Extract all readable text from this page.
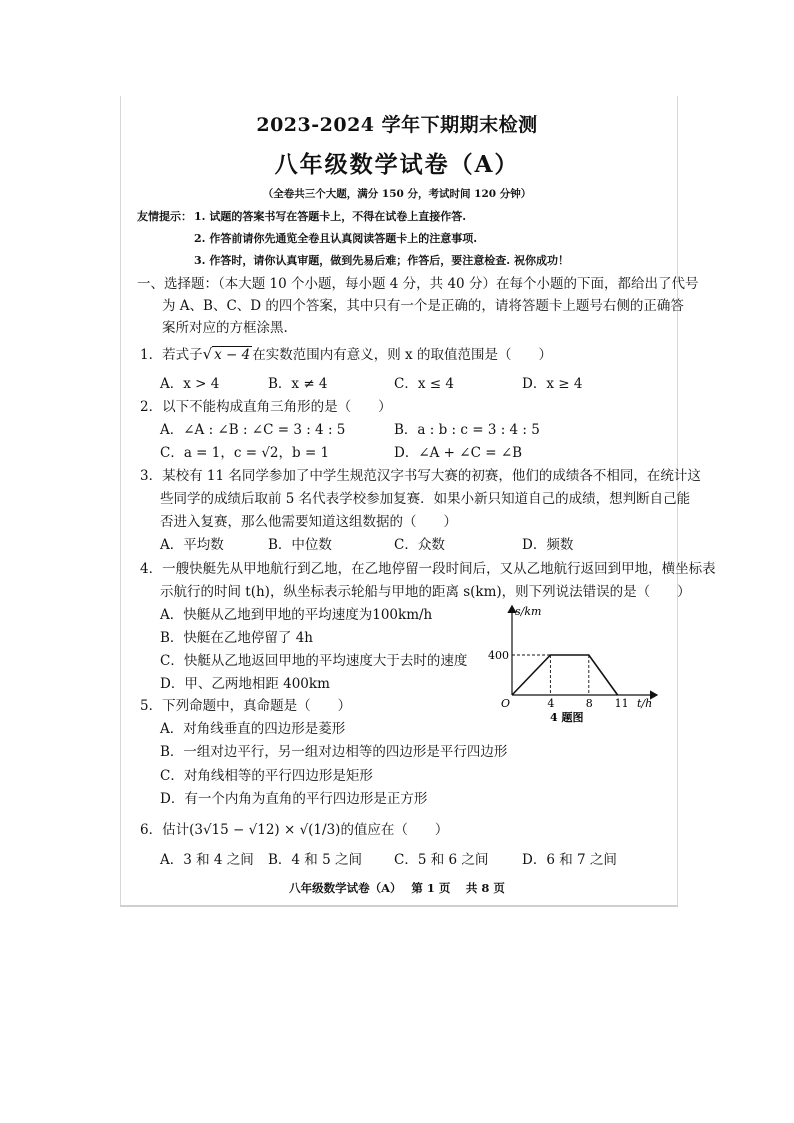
2023-2024 学年下期期末检测
八年级数学试卷（A）
（全卷共三个大题，满分 150 分，考试时间 120 分钟）
友情提示： 1. 试题的答案书写在答题卡上，不得在试卷上直接作答.
2. 作答前请你先通览全卷且认真阅读答题卡上的注意事项.
3. 作答时，请你认真审题，做到先易后难；作答后，要注意检查. 祝你成功！
一、选择题：（本大题 10 个小题，每小题 4 分，共 40 分）在每个小题的下面，都给出了代号
为 A、B、C、D 的四个答案，其中只有一个是正确的，请将答题卡上题号右侧的正确答
案所对应的方框涂黑.
1．若式子√ x − 4 在实数范围内有意义，则 x 的取值范围是（　　）
A．x > 4	B．x ≠ 4	C．x ≤ 4	D．x ≥ 4
2．以下不能构成直角三角形的是（　　）
A．∠A : ∠B : ∠C = 3 : 4 : 5	B．a : b : c = 3 : 4 : 5
C．a = 1，c = √2，b = 1	D．∠A + ∠C = ∠B
3．某校有 11 名同学参加了中学生规范汉字书写大赛的初赛，他们的成绩各不相同，在统计这
些同学的成绩后取前 5 名代表学校参加复赛．如果小新只知道自己的成绩，想判断自己能
否进入复赛，那么他需要知道这组数据的（　　）
A．平均数	B．中位数	C．众数	D．频数
4．一艘快艇先从甲地航行到乙地，在乙地停留一段时间后，又从乙地航行返回到甲地，横坐标表
示航行的时间 t(h)，纵坐标表示轮船与甲地的距离 s(km)，则下列说法错误的是（　　）
A．快艇从乙地到甲地的平均速度为100km/h
B．快艇在乙地停留了 4h
C．快艇从乙地返回甲地的平均速度大于去时的速度
D．甲、乙两地相距 400km
s/km
t/h
O	4	8 11
400
4 题图
5．下列命题中，真命题是（　　）
A．对角线垂直的四边形是菱形
B．一组对边平行，另一组对边相等的四边形是平行四边形
C．对角线相等的平行四边形是矩形
D．有一个内角为直角的平行四边形是正方形
6．估计(3√15 − √12) × √(1/3)的值应在（　　）
A．3 和 4 之间 B．4 和 5 之间 C．5 和 6 之间 D．6 和 7 之间
八年级数学试卷（A）　 第 1 页　 共 8 页
